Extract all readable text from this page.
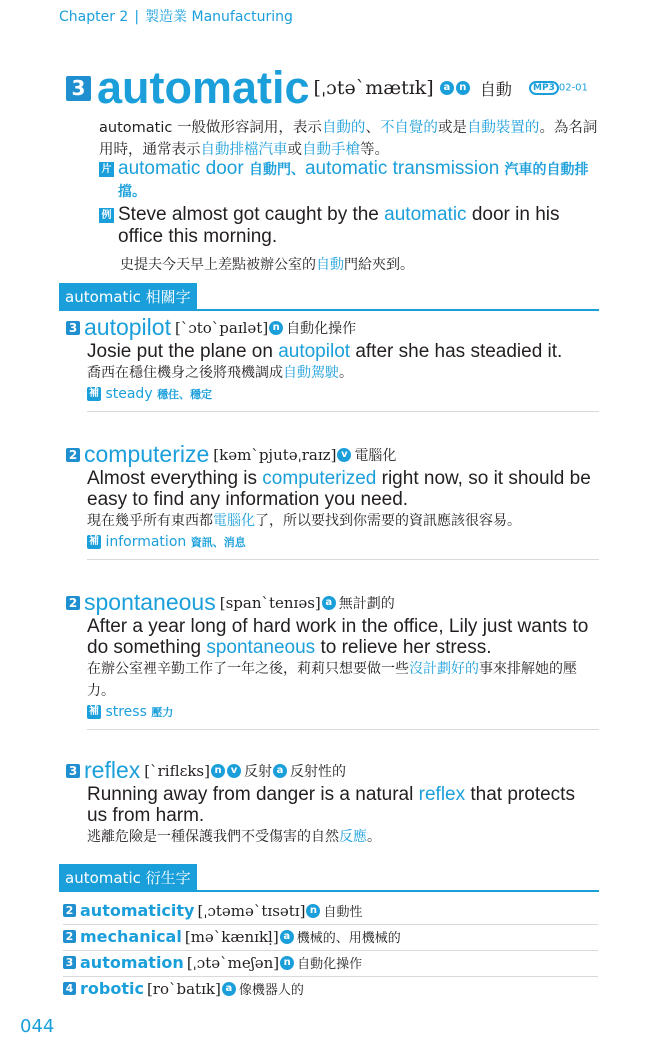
Chapter 2 | 製造業 Manufacturing
3 automatic [ˌɔtəˋmætɪk] a n 自動 MP3 02-01
automatic 一般做形容詞用，表示自動的、不自覺的或是自動裝置的。為名詞用時，通常表示自動排檔汽車或自動手槍等。
片 automatic door 自動門、automatic transmission 汽車的自動排擋。
例 Steve almost got caught by the automatic door in his office this morning.
史提夫今天早上差點被辦公室的自動門給夾到。
automatic 相關字
3 autopilot [ˋɔtoˋpaɪlət] n 自動化操作
Josie put the plane on autopilot after she has steadied it.
喬西在穩住機身之後將飛機調成自動駕駛。
補 steady 穩住、穩定
2 computerize [kəmˋpjutəˌraɪz] v 電腦化
Almost everything is computerized right now, so it should be easy to find any information you need.
現在幾乎所有東西都電腦化了，所以要找到你需要的資訊應該很容易。
補 information 資訊、消息
2 spontaneous [spanˋtenɪəs] a 無計劃的
After a year long of hard work in the office, Lily just wants to do something spontaneous to relieve her stress.
在辦公室裡辛勤工作了一年之後，莉莉只想要做一些沒計劃好的事來排解她的壓力。
補 stress 壓力
3 reflex [ˋriflɛks] n v 反射 a 反射性的
Running away from danger is a natural reflex that protects us from harm.
逃離危險是一種保護我們不受傷害的自然反應。
automatic 衍生字
2 automaticity [ˌɔtəməˋtɪsətɪ] n 自動性
2 mechanical [məˋkænɪkḷ] a 機械的、用機械的
3 automation [ˌɔtəˋmeʃən] n 自動化操作
4 robotic [roˋbatɪk] a 像機器人的
044
